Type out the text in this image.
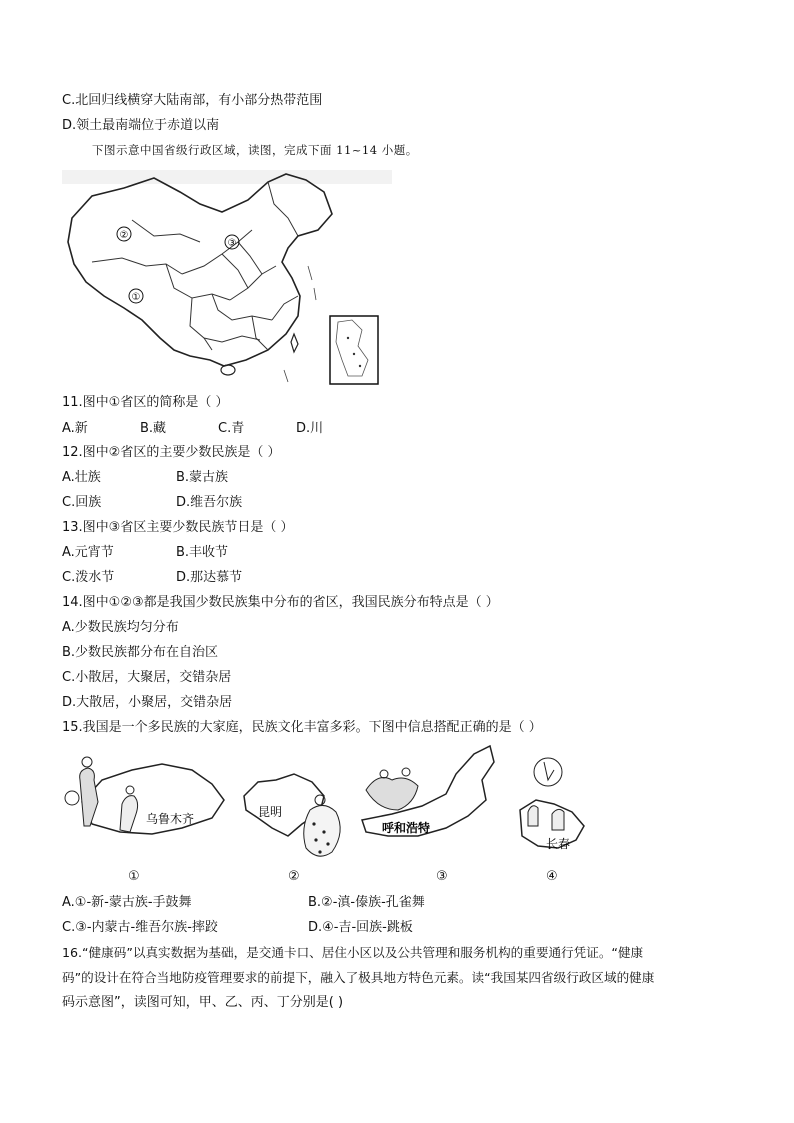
C.北回归线横穿大陆南部，有小部分热带范围
D.领土最南端位于赤道以南
下图示意中国省级行政区域，读图，完成下面 11~14 小题。
②
③
①
11.图中①省区的简称是（ ）
A.新	B.藏	C.青	D.川
12.图中②省区的主要少数民族是（ ）
A.壮族	B.蒙古族
C.回族	D.维吾尔族
13.图中③省区主要少数民族节日是（ ）
A.元宵节	B.丰收节
C.泼水节	D.那达慕节
14.图中①②③都是我国少数民族集中分布的省区，我国民族分布特点是（ ）
A.少数民族均匀分布
B.少数民族都分布在自治区
C.小散居，大聚居，交错杂居
D.大散居，小聚居，交错杂居
15.我国是一个多民族的大家庭，民族文化丰富多彩。下图中信息搭配正确的是（ ）
乌鲁木齐	昆明
呼和浩特
长春
①	②	③	④
A.①-新-蒙古族-手鼓舞	B.②-滇-傣族-孔雀舞
C.③-内蒙古-维吾尔族-摔跤	D.④-吉-回族-跳板
16.“健康码”以真实数据为基础，是交通卡口、居住小区以及公共管理和服务机构的重要通行凭证。“健康
码”的设计在符合当地防疫管理要求的前提下，融入了极具地方特色元素。读“我国某四省级行政区域的健康
码示意图”，读图可知，甲、乙、丙、丁分别是( )
